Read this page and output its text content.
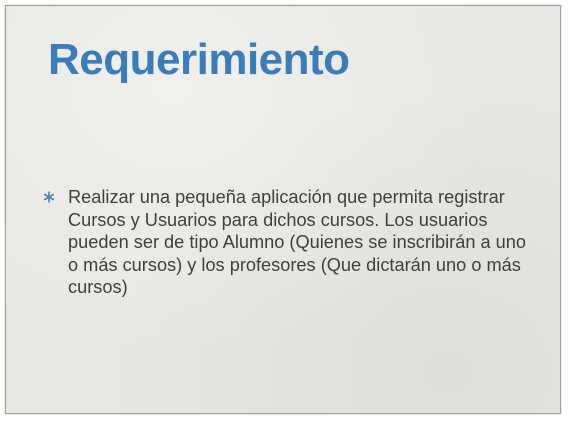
Requerimiento
Realizar una pequeña aplicación que permita registrar Cursos y Usuarios para dichos cursos. Los usuarios pueden ser de tipo Alumno (Quienes se inscribirán a uno o más cursos) y los profesores (Que dictarán uno o más cursos)
